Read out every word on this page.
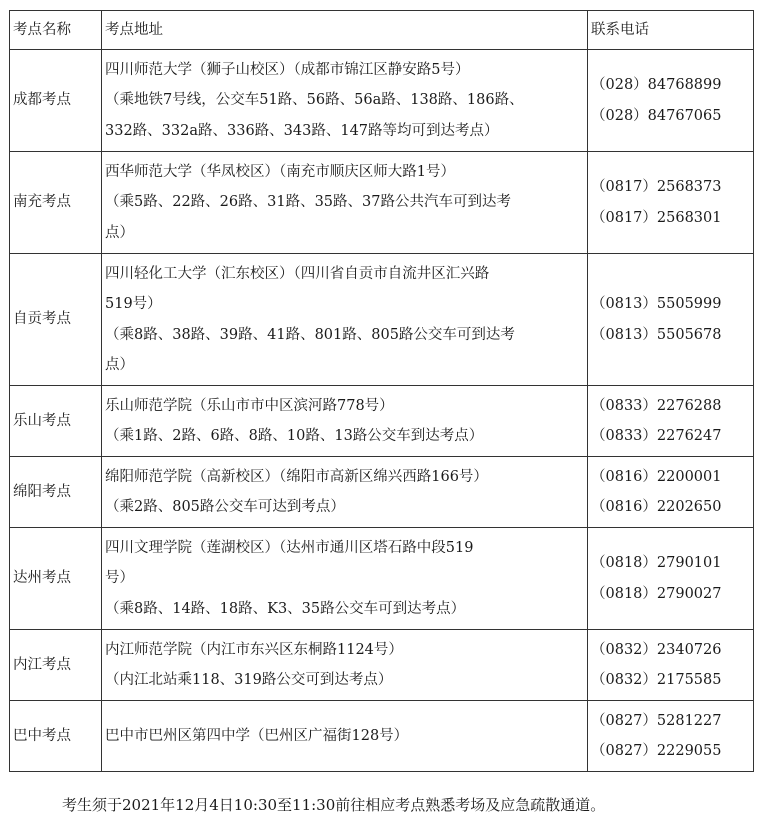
考点名称	考点地址	联系电话
成都考点	四川师范大学（狮子山校区）（成都市锦江区静安路5号）
（乘地铁7号线，公交车51路、56路、56a路、138路、186路、
332路、332a路、336路、343路、147路等均可到达考点）	（028）84768899
（028）84767065

南充考点	西华师范大学（华凤校区）（南充市顺庆区师大路1号）
（乘5路、22路、26路、31路、35路、37路公共汽车可到达考
点）	（0817）2568373
（0817）2568301

自贡考点	四川轻化工大学（汇东校区）（四川省自贡市自流井区汇兴路
519号）
（乘8路、38路、39路、41路、801路、805路公交车可到达考
点）	（0813）5505999
（0813）5505678

乐山考点	乐山师范学院（乐山市市中区滨河路778号）
（乘1路、2路、6路、8路、10路、13路公交车到达考点）	（0833）2276288
（0833）2276247

绵阳考点	绵阳师范学院（高新校区）（绵阳市高新区绵兴西路166号）
（乘2路、805路公交车可达到考点）	（0816）2200001
（0816）2202650

达州考点	四川文理学院（莲湖校区）（达州市通川区塔石路中段519
号）
（乘8路、14路、18路、K3、35路公交车可到达考点）	（0818）2790101
（0818）2790027

内江考点	内江师范学院（内江市东兴区东桐路1124号）
（内江北站乘118、319路公交可到达考点）	（0832）2340726
（0832）2175585

巴中考点	巴中市巴州区第四中学（巴州区广福街128号）	（0827）5281227
（0827）2229055
考生须于2021年12月4日10:30至11:30前往相应考点熟悉考场及应急疏散通道。
